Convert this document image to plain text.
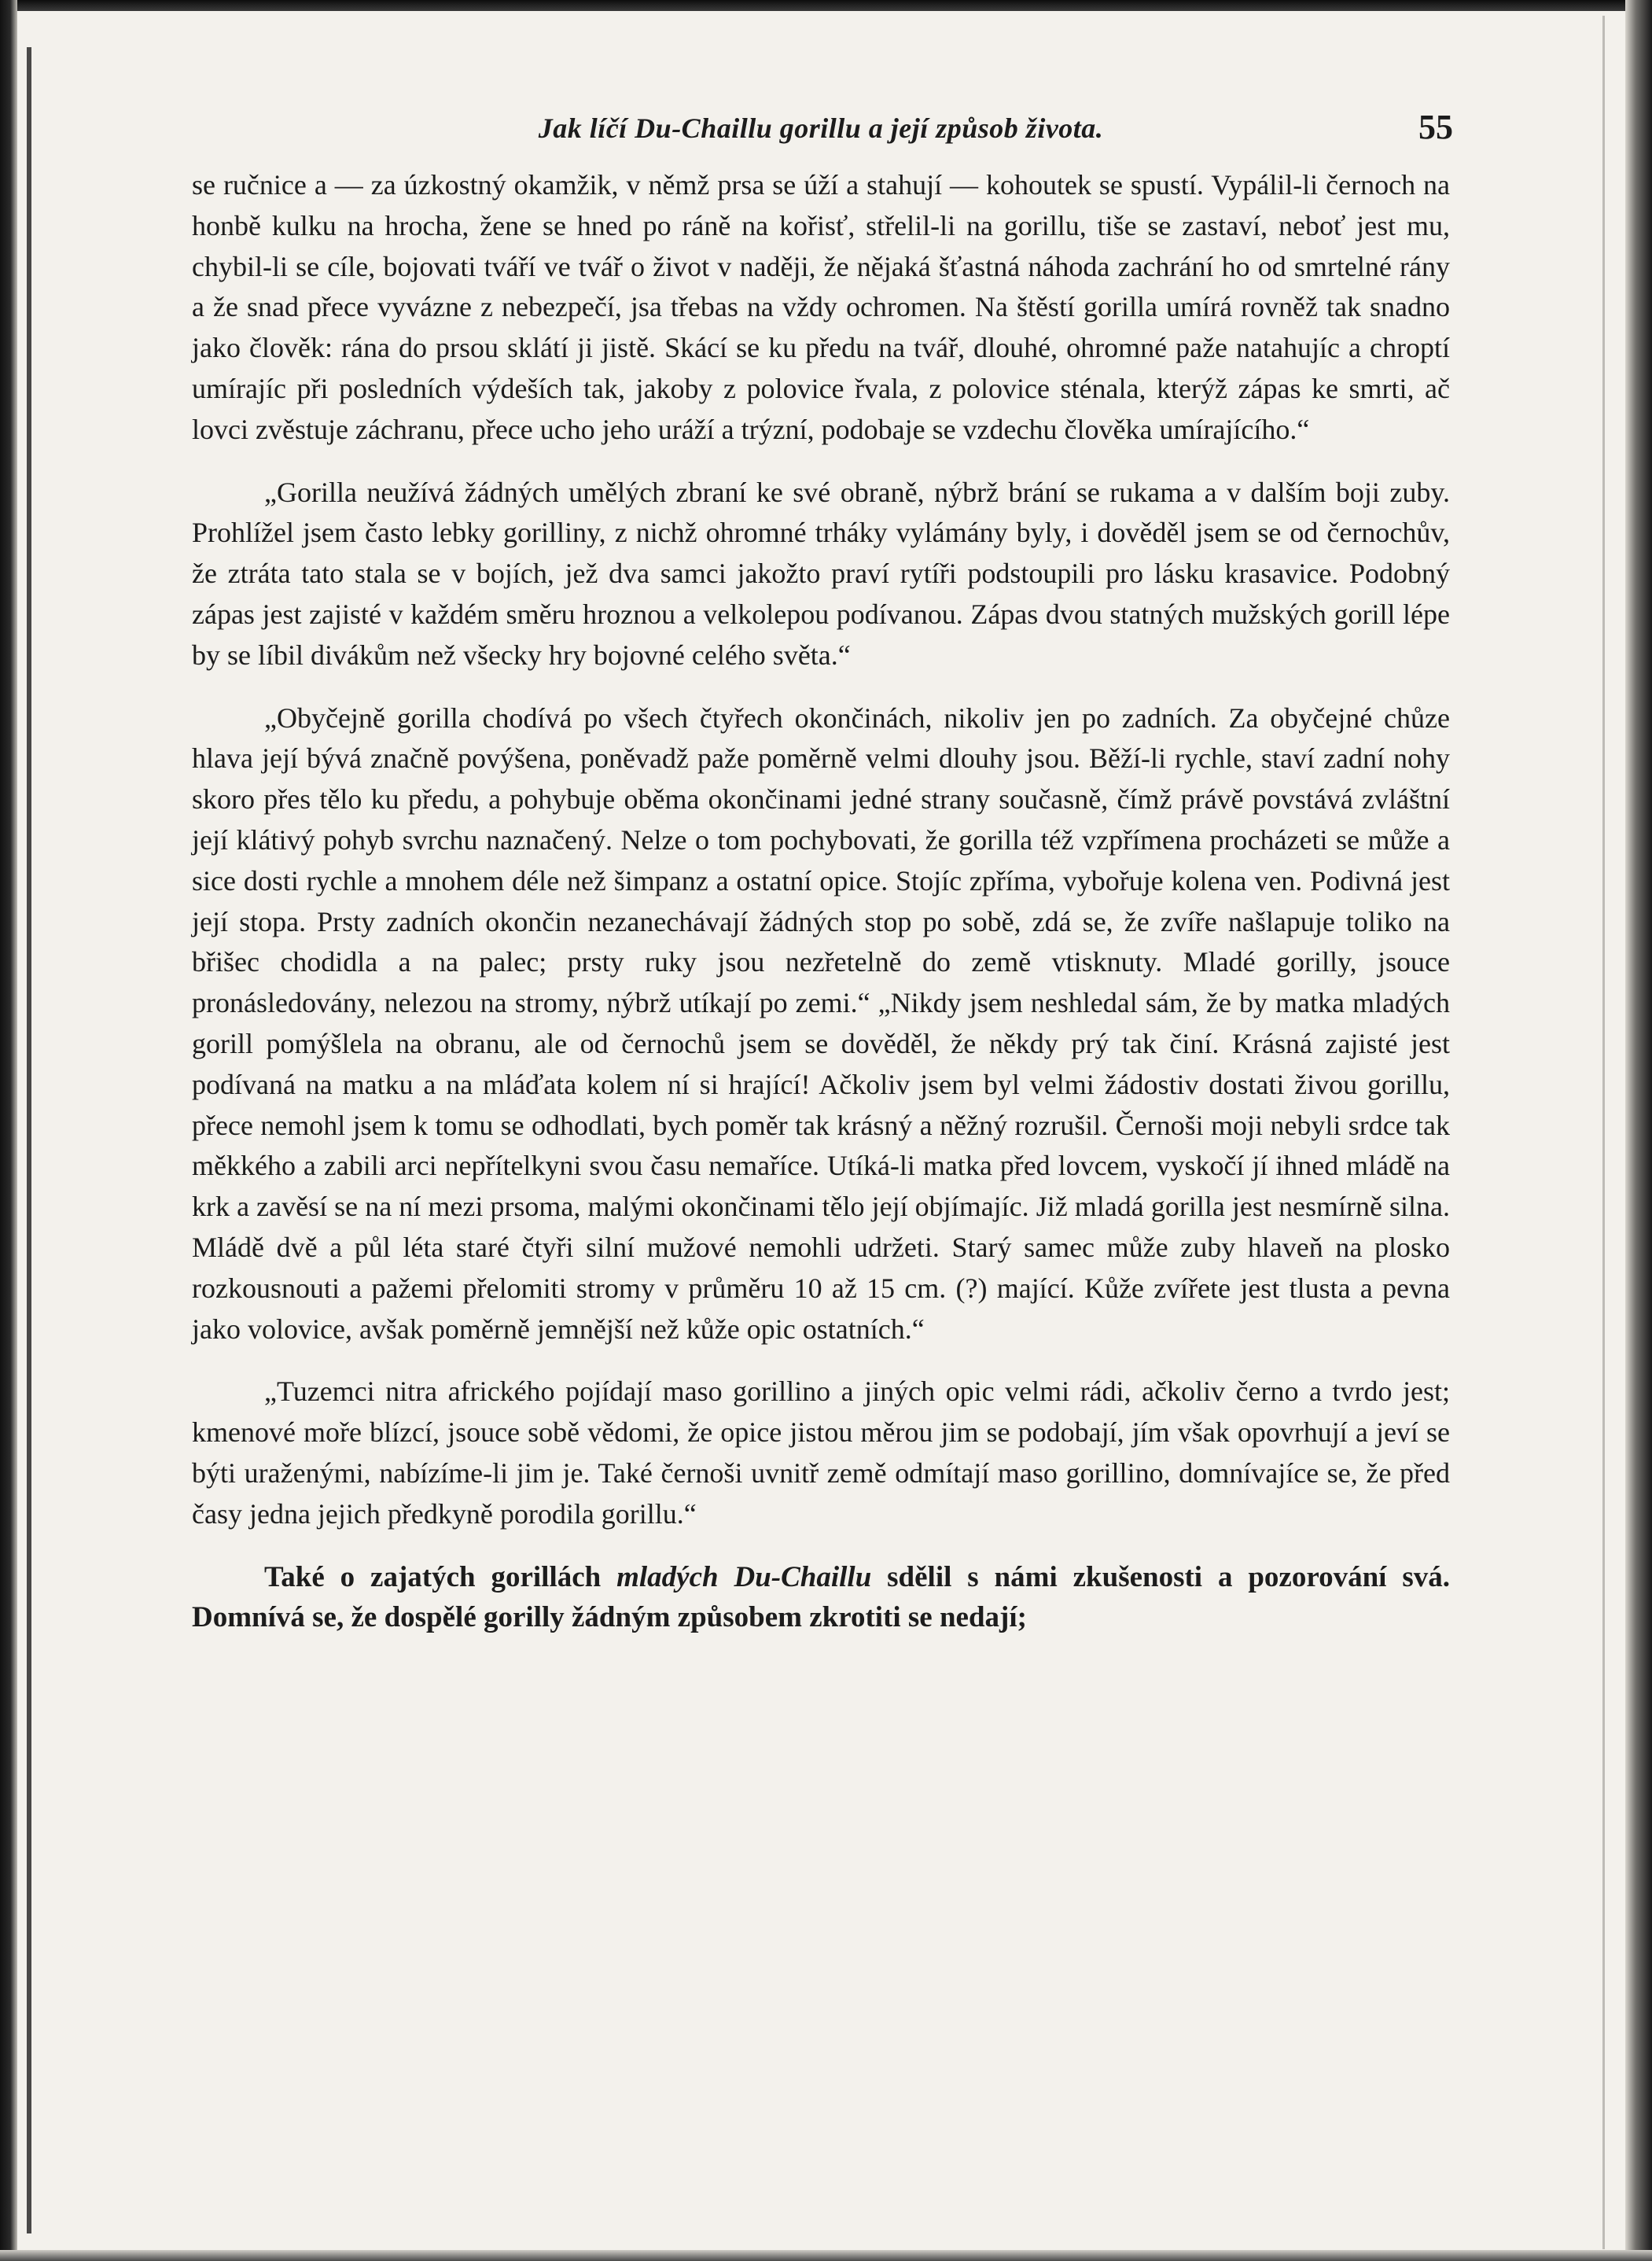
Jak líčí Du-Chaillu gorillu a její způsob života.	55

se ručnice a — za úzkostný okamžik, v němž prsa se úží a stahují — kohoutek se spustí. Vypálil-li černoch na honbě kulku na hrocha, žene se hned po ráně na kořisť, střelil-li na gorillu, tiše se zastaví, neboť jest mu, chybil-li se cíle, bojovati tváří ve tvář o život v naději, že nějaká šťastná náhoda zachrání ho od smrtelné rány a že snad přece vyvázne z nebezpečí, jsa třebas na vždy ochromen. Na štěstí gorilla umírá rovněž tak snadno jako člověk: rána do prsou sklátí ji jistě. Skácí se ku předu na tvář, dlouhé, ohromné paže natahujíc a chroptí umírajíc při posledních výdeších tak, jakoby z polovice řvala, z polovice sténala, kterýž zápas ke smrti, ač lovci zvěstuje záchranu, přece ucho jeho uráží a trýzní, podobaje se vzdechu člověka umírajícího.“

„Gorilla neužívá žádných umělých zbraní ke své obraně, nýbrž brání se rukama a v dalším boji zuby. Prohlížel jsem často lebky gorilliny, z nichž ohromné trháky vylámány byly, i dověděl jsem se od černochův, že ztráta tato stala se v bojích, jež dva samci jakožto praví rytíři podstoupili pro lásku krasavice. Podobný zápas jest zajisté v každém směru hroznou a velkolepou podívanou. Zápas dvou statných mužských gorill lépe by se líbil divákům než všecky hry bojovné celého světa.“

„Obyčejně gorilla chodívá po všech čtyřech okončinách, nikoliv jen po zadních. Za obyčejné chůze hlava její bývá značně povýšena, poněvadž paže poměrně velmi dlouhy jsou. Běží-li rychle, staví zadní nohy skoro přes tělo ku předu, a pohybuje oběma okončinami jedné strany současně, čímž právě povstává zvláštní její klátivý pohyb svrchu naznačený. Nelze o tom pochybovati, že gorilla též vzpřímena procházeti se může a sice dosti rychle a mnohem déle než šimpanz a ostatní opice. Stojíc zpříma, vybořuje kolena ven. Podivná jest její stopa. Prsty zadních okončin nezanechávají žádných stop po sobě, zdá se, že zvíře našlapuje toliko na břišec chodidla a na palec; prsty ruky jsou nezřetelně do země vtisknuty. Mladé gorilly, jsouce pronásledovány, nelezou na stromy, nýbrž utíkají po zemi.“ „Nikdy jsem neshledal sám, že by matka mladých gorill pomýšlela na obranu, ale od černochů jsem se dověděl, že někdy prý tak činí. Krásná zajisté jest podívaná na matku a na mláďata kolem ní si hrající! Ačkoliv jsem byl velmi žádostiv dostati živou gorillu, přece nemohl jsem k tomu se odhodlati, bych poměr tak krásný a něžný rozrušil. Černoši moji nebyli srdce tak měkkého a zabili arci nepřítelkyni svou času nemaříce. Utíká-li matka před lovcem, vyskočí jí ihned mládě na krk a zavěsí se na ní mezi prsoma, malými okončinami tělo její objímajíc. Již mladá gorilla jest nesmírně silna. Mládě dvě a půl léta staré čtyři silní mužové nemohli udržeti. Starý samec může zuby hlaveň na plosko rozkousnouti a pažemi přelomiti stromy v průměru 10 až 15 cm. (?) mající. Kůže zvířete jest tlusta a pevna jako volovice, avšak poměrně jemnější než kůže opic ostatních.“

„Tuzemci nitra afrického pojídají maso gorillino a jiných opic velmi rádi, ačkoliv černo a tvrdo jest; kmenové moře blízcí, jsouce sobě vědomi, že opice jistou měrou jim se podobají, jím však opovrhují a jeví se býti uraženými, nabízíme-li jim je. Také černoši uvnitř země odmítají maso gorillino, domnívajíce se, že před časy jedna jejich předkyně porodila gorillu.“

Také o zajatých gorillách mladých Du-Chaillu sdělil s námi zkušenosti a pozorování svá. Domnívá se, že dospělé gorilly žádným způsobem zkrotiti se nedají;
